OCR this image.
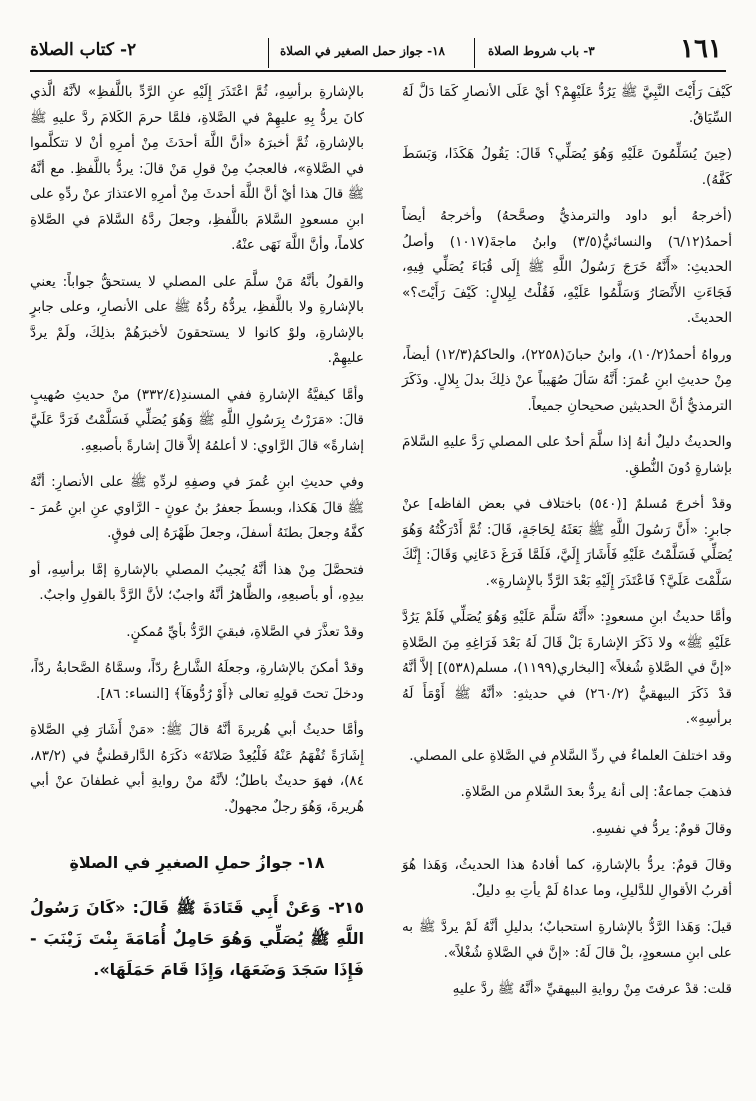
٢- كتاب الصلاة	١٨- جواز حمل الصغير في الصلاة	٣- باب شروط الصلاة	١٦١

كَيْفَ رَأَيْتَ النَّبِيَّ ﷺ يَرُدُّ عَلَيْهِمْ؟ أيْ عَلَى الأنصارِ كَمَا دَلَّ لَهُ السِّيَاقُ.

(حِينَ يُسَلِّمُونَ عَلَيْهِ وَهُوَ يُصَلِّي؟ قَالَ: يَقُولُ هَكَذَا، وَبَسَطَ كَفَّهُ).

(أخرجهُ أبو داود والترمذيُّ وصحَّحهُ) وأخرجهُ أيضاً أحمدُ(٦/١٢) والنسائيُّ(٣/٥) وابنُ ماجةَ(١٠١٧) وأصلُ الحديثِ: «أَنَّهُ خَرَجَ رَسُولُ اللَّهِ ﷺ إِلَى قُبَاءَ يُصَلِّي فِيهِ، فَجَاءَتِ الأَنْصَارُ وَسَلَّمُوا عَلَيْهِ، فَقُلْتُ لِبِلالٍ: كَيْفَ رَأَيْتَ؟» الحديثَ.

ورواهُ أحمدُ(١٠/٢)، وابنُ حبانَ(٢٢٥٨)، والحاكمُ(١٢/٣) أيضاً، مِنْ حديثِ ابنِ عُمرَ: أَنَّهُ سَألَ صُهَيباً عنْ ذلِكَ بدلَ بِلالٍ. وذَكَرَ الترمذيُّ أنَّ الحديثين صحيحانِ جميعاً.

والحديثُ دليلٌ أنهُ إذا سلَّمَ أحدٌ على المصلي رَدَّ عليهِ السَّلامَ بإشارةٍ دُونَ النُّطقِ.

وقدْ أخرجَ مُسلمٌ [(٥٤٠) باختلاف في بعض الفاظه] عنْ جابرٍ: «أَنَّ رَسُولَ اللَّهِ ﷺ بَعَثَهُ لِحَاجَةٍ، قَالَ: ثُمَّ أَدْرَكْتُهُ وَهُوَ يُصَلِّي فَسَلَّمْتُ عَلَيْهِ فَأَشَارَ إِلَيَّ، فَلَمَّا فَرَغَ دَعَانِي وَقَالَ: إِنَّكَ سَلَّمْتَ عَلَيَّ؟ فَاعْتَذَرَ إِلَيْهِ بَعْدَ الرَّدِّ بالإِشارةِ».

وأمَّا حديثُ ابنِ مسعودٍ: «أَنَّهُ سَلَّمَ عَلَيْهِ وَهُوَ يُصَلِّي فَلَمْ يَرُدَّ عَلَيْهِ ﷺ» ولا ذَكَرَ الإشارةَ بَلْ قَالَ لَهُ بَعْدَ فَرَاغِهِ مِنَ الصَّلاةِ «إنَّ في الصَّلاةِ شُغلاً» [البخاري(١١٩٩)، مسلم(٥٣٨)] إلاَّ أنَّهُ قدْ ذَكَرَ البيهقيُّ (٢٦٠/٢) في حديثهِ: «أنَّهُ ﷺ أَوْمَأَ لَهُ برأسِهِ».

وقد اختلفَ العلماءُ في ردِّ السَّلامِ في الصَّلاةِ على المصلي.

فذهبَ جماعةٌ: إلى أنهُ يردُّ بعدَ السَّلامِ من الصَّلاةِ.

وقالَ قومٌ: يردُّ في نفسِهِ.

وقالَ قومٌ: يردُّ بالإشارةِ، كما أفادهُ هذا الحديثُ، وَهَذا هُوَ أقربُ الأقوالِ للدَّليلِ، وما عداهُ لَمْ يأتِ بهِ دليلٌ.

قيلَ: وَهَذا الرَّدُّ بالإشارةِ استحبابٌ؛ بدليلِ أنَّهُ لَمْ يردَّ ﷺ به على ابنِ مسعودٍ، بلْ قالَ لَهُ: «إنَّ في الصَّلاةِ شُغْلاً».

قلت: قدْ عرفتَ مِنْ روايةِ البيهقيِّ «أنَّهُ ﷺ ردَّ عليهِ

بالإشارةِ برأسِهِ، ثُمَّ اعْتَذَرَ إِلَيْهِ عنِ الرَّدِّ باللَّفظِ» لأنَّهُ الَّذي كانَ يردُّ بِهِ عليهِمْ في الصَّلاةِ، فلمَّا حرمَ الكَلامَ ردَّ عليهِ ﷺ بالإشارةِ، ثُمَّ أخبرَهُ «أنَّ اللَّهَ أحدَثَ مِنْ أمرِهِ أنْ لا تتكلَّموا في الصَّلاةِ»، فالعجبُ مِنْ قولِ مَنْ قالَ: يردُّ باللَّفظِ. مع أنَّهُ ﷺ قالَ هذا أيْ أنَّ اللَّهَ أحدثَ مِنْ أمرِهِ الاعتذارَ عنْ ردِّهِ على ابنِ مسعودٍ السَّلامَ باللَّفظِ، وجعلَ ردَّهُ السَّلامَ في الصَّلاةِ كلاماً، وأنَّ اللَّهَ نَهَى عنْهُ.

والقولُ بأنَّهُ مَنْ سلَّمَ على المصلي لا يستحقُّ جواباً: يعني بالإشارةِ ولا باللَّفظِ، يردُّهُ ردُّهُ ﷺ على الأنصارِ، وعلى جابرٍ بالإشارةِ، ولوْ كانوا لا يستحقونَ لأخبرَهُمْ بذلِكَ، ولَمْ يردَّ عليهِمْ.

وأمَّا كيفيَّةُ الإشارةِ ففي المسندِ(٣٣٢/٤) منْ حديثِ صُهيبٍ قالَ: «مَرَرْتُ بِرَسُولِ اللَّهِ ﷺ وَهُوَ يُصَلِّي فَسَلَّمْتُ فَرَدَّ عَلَيَّ إشارةً» قالَ الرَّاوي: لا أعلمُهُ إلاَّ قالَ إشارةً بأصبعِهِ.

وفي حديثِ ابنِ عُمرَ في وصفِهِ لردِّهِ ﷺ على الأنصارِ: أنَّهُ ﷺ قالَ هَكذا، وبسطَ جعفرُ بنُ عونٍ - الرَّاوي عنِ ابنِ عُمرَ - كفَّهُ وجعلَ بطنَهُ أسفلَ، وجعلَ ظَهْرَهُ إلى فوقٍ.

فتحصَّلَ مِنْ هذا أنَّهُ يُجيبُ المصلي بالإشارةِ إمَّا برأسِهِ، أو بيدِهِ، أو بأصبعِهِ، والظَّاهرُ أنَّهُ واجبٌ؛ لأنَّ الرَّدَّ بالقولِ واجبٌ.

وقدْ تعذَّرَ في الصَّلاةِ، فبقيَ الرَّدُّ بأيِّ مُمكنٍ.

وقدْ أمكنَ بالإشارةِ، وجعلَهُ الشَّارعُ ردّاً، وسمَّاهُ الصَّحابةُ ردّاً، ودخلَ تحتَ قولِهِ تعالى ﴿أَوْ رُدُّوهَآ﴾ [النساء: ٨٦].

وأمَّا حديثُ أبي هُريرةَ أنَّهُ قالَ ﷺ: «مَنْ أَشَارَ فِي الصَّلاةِ إِشَارَةً تُفْهَمُ عَنْهُ فَلْيُعِدْ صَلاتَهُ» ذكَرَهُ الدَّارقطنيُّ في (٨٣/٢، ٨٤)، فهوَ حديثٌ باطلٌ؛ لأنَّهُ منْ روايةِ أبي غطفانَ عنْ أبي هُريرةَ، وَهُوَ رجلٌ مجهولٌ.

١٨- جوازُ حملِ الصغيرِ في الصلاةِ
٢١٥- وَعَنْ أَبِي قَتَادَةَ ﷺ قَالَ: «كَانَ رَسُولُ اللَّهِ ﷺ يُصَلِّي وَهُوَ حَامِلٌ أُمَامَةَ بِنْتَ زَيْنَبَ - فَإِذَا سَجَدَ وَضَعَهَا، وَإِذَا قَامَ حَمَلَهَا».
